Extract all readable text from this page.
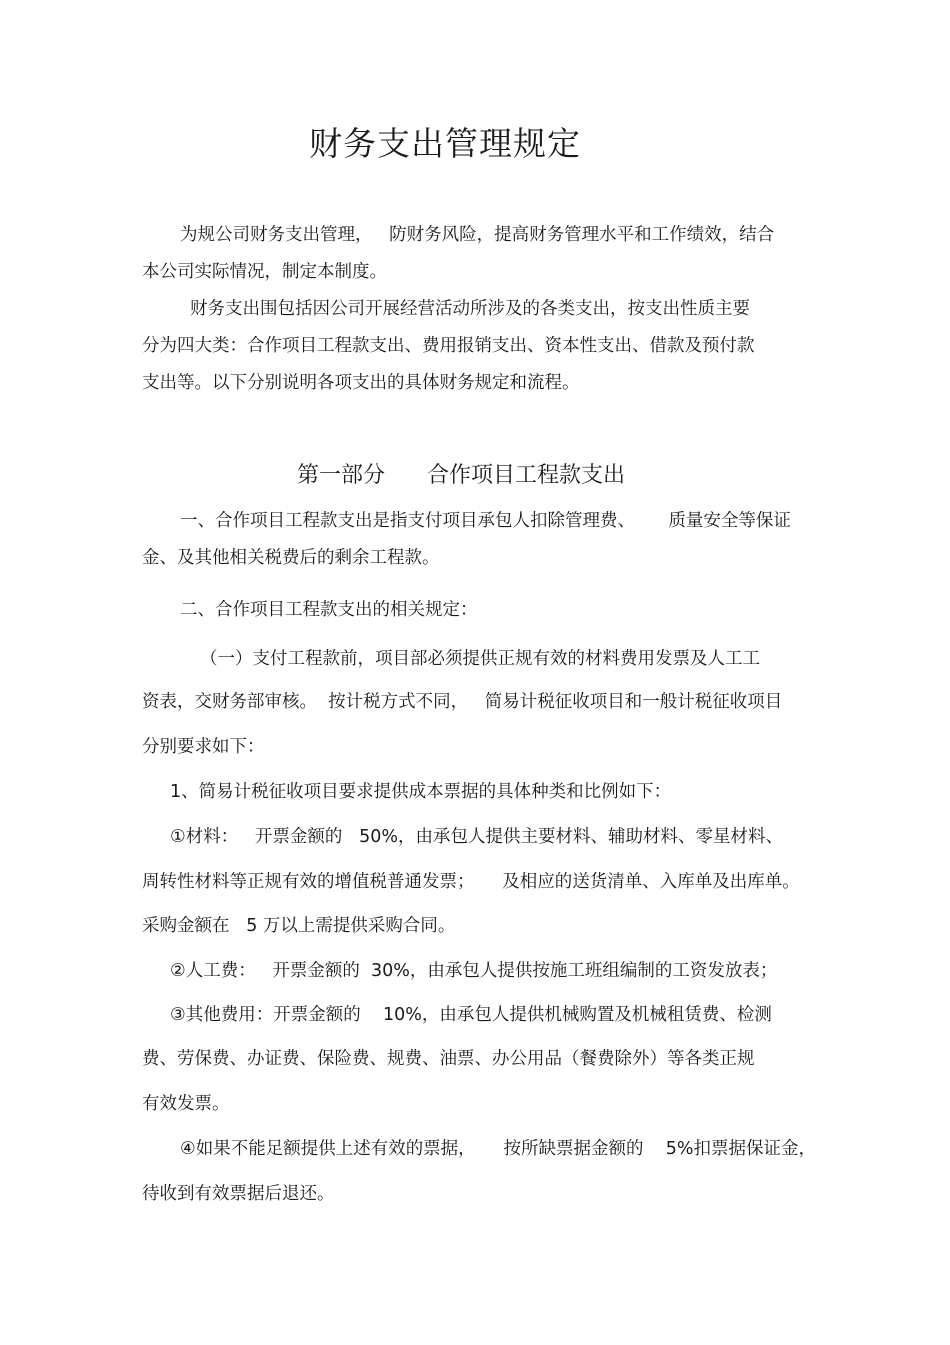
财务支出管理规定

为规公司财务支出管理，   防财务风险，提高财务管理水平和工作绩效，结合

本公司实际情况，制定本制度。

财务支出围包括因公司开展经营活动所涉及的各类支出，按支出性质主要

分为四大类：合作项目工程款支出、费用报销支出、资本性支出、借款及预付款

支出等。以下分别说明各项支出的具体财务规定和流程。

第一部分      合作项目工程款支出

一、合作项目工程款支出是指支付项目承包人扣除管理费、      质量安全等保证

金、及其他相关税费后的剩余工程款。

二、合作项目工程款支出的相关规定：

（一）支付工程款前，项目部必须提供正规有效的材料费用发票及人工工

资表，交财务部审核。  按计税方式不同，   简易计税征收项目和一般计税征收项目

分别要求如下：

1、简易计税征收项目要求提供成本票据的具体种类和比例如下：

①材料：   开票金额的   50%，由承包人提供主要材料、辅助材料、零星材料、

周转性材料等正规有效的增值税普通发票；     及相应的送货清单、入库单及出库单。

采购金额在   5 万以上需提供采购合同。

②人工费：   开票金额的  30%，由承包人提供按施工班组编制的工资发放表；

③其他费用：开票金额的    10%，由承包人提供机械购置及机械租赁费、检测

费、劳保费、办证费、保险费、规费、油票、办公用品（餐费除外）等各类正规

有效发票。

④如果不能足额提供上述有效的票据，     按所缺票据金额的    5%扣票据保证金，

待收到有效票据后退还。
